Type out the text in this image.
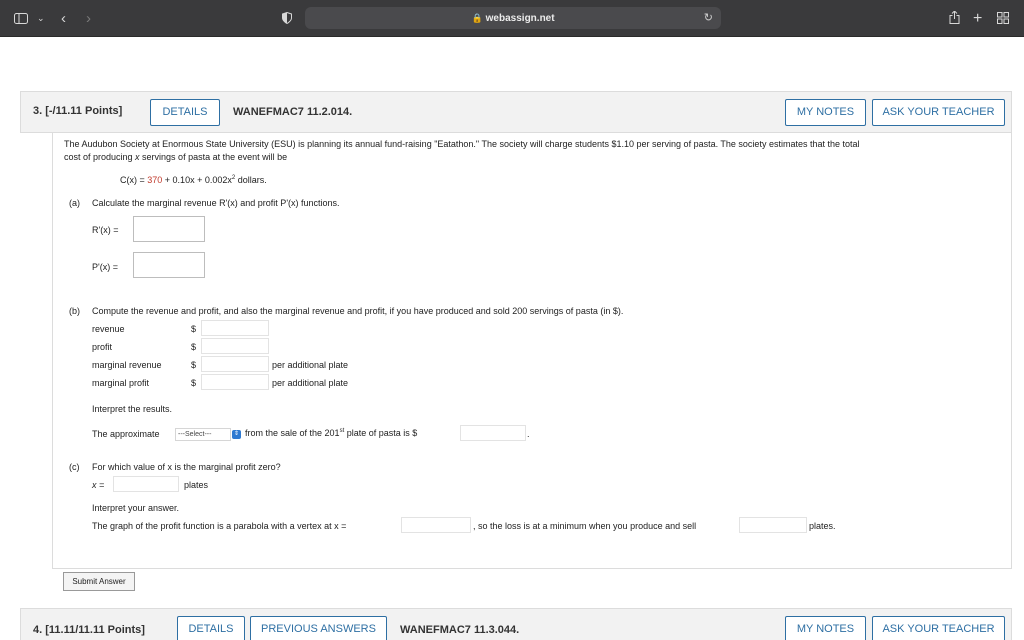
⌄ ‹ ›	🔒 webassign.net	↻	+
3. [-/11.11 Points]	DETAILS	WANEFMAC7 11.2.014.	MY NOTES	ASK YOUR TEACHER
The Audubon Society at Enormous State University (ESU) is planning its annual fund-raising "Eatathon." The society will charge students $1.10 per serving of pasta. The society estimates that the total
cost of producing x servings of pasta at the event will be
$C(x) = 370 + 0.10x + 0.002x^2$ dollars.
(a) Calculate the marginal revenue R'(x) and profit P'(x) functions.
R'(x) =
P'(x) =
(b) Compute the revenue and profit, and also the marginal revenue and profit, if you have produced and sold 200 servings of pasta (in $).
revenue	$
profit	$
marginal revenue	$	per additional plate
marginal profit	$	per additional plate
Interpret the results.
The approximate	---Select---	⇕ from the sale of the 201st plate of pasta is $	.
(c) For which value of x is the marginal profit zero?
x =	plates
Interpret your answer.
The graph of the profit function is a parabola with a vertex at x =	, so the loss is at a minimum when you produce and sell	plates.
Submit Answer
4. [11.11/11.11 Points]	DETAILS	PREVIOUS ANSWERS	WANEFMAC7 11.3.044.	MY NOTES	ASK YOUR TEACHER
